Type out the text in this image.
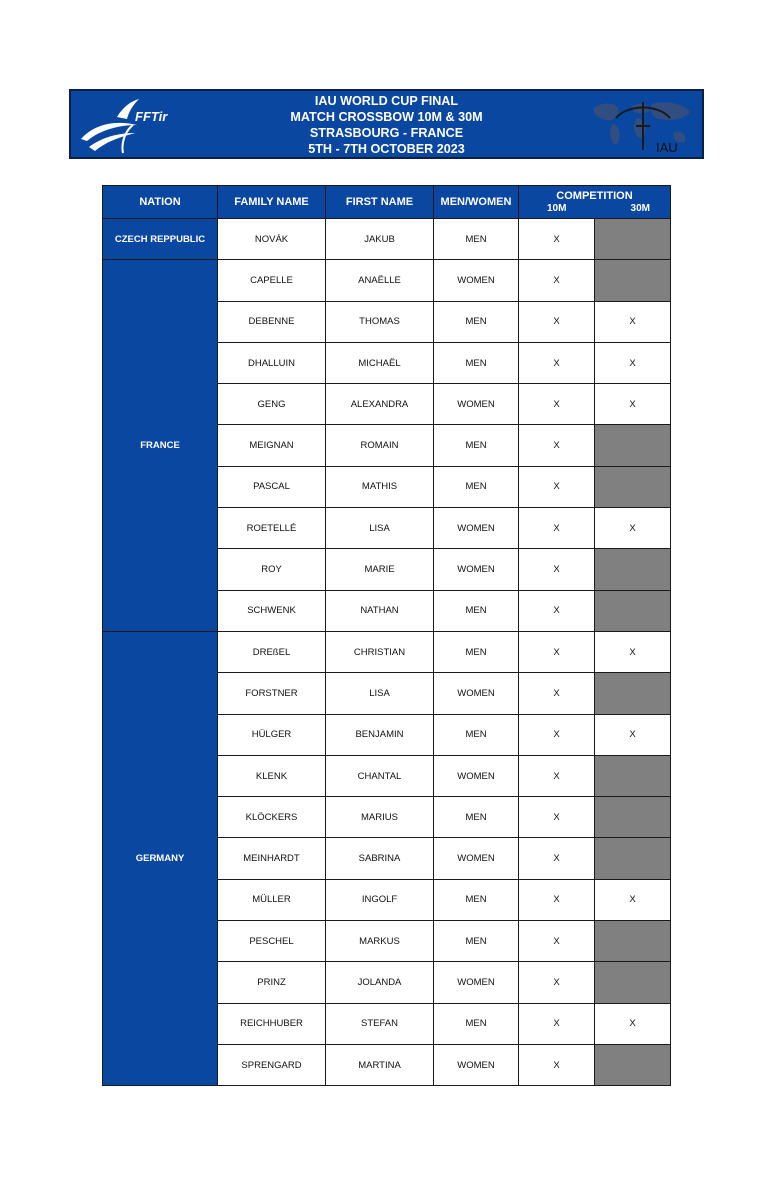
FFTir
IAU WORLD CUP FINAL
MATCH CROSSBOW 10M & 30M
STRASBOURG - FRANCE
5TH - 7TH OCTOBER 2023	IAU
NATION	FAMILY NAME	FIRST NAME	MEN/WOMEN	COMPETITION
10M 30M	

CZECH REPPUBLIC	NOVÁK	JAKUB	MEN	X	
FRANCE	CAPELLE	ANAËLLE	WOMEN	X	
	DEBENNE	THOMAS	MEN	X	X
	DHALLUIN	MICHAËL	MEN	X	X
	GENG	ALEXANDRA	WOMEN	X	X
	MEIGNAN	ROMAIN	MEN	X	
	PASCAL	MATHIS	MEN	X	
	ROETELLÉ	LISA	WOMEN	X	X
	ROY	MARIE	WOMEN	X	
	SCHWENK	NATHAN	MEN	X	
GERMANY	DREßEL	CHRISTIAN	MEN	X	X
	FORSTNER	LISA	WOMEN	X	
	HÜLGER	BENJAMIN	MEN	X	X
	KLENK	CHANTAL	WOMEN	X	
	KLÖCKERS	MARIUS	MEN	X	
	MEINHARDT	SABRINA	WOMEN	X	
	MÜLLER	INGOLF	MEN	X	X
	PESCHEL	MARKUS	MEN	X	
	PRINZ	JOLANDA	WOMEN	X	
	REICHHUBER	STEFAN	MEN	X	X
	SPRENGARD	MARTINA	WOMEN	X	
